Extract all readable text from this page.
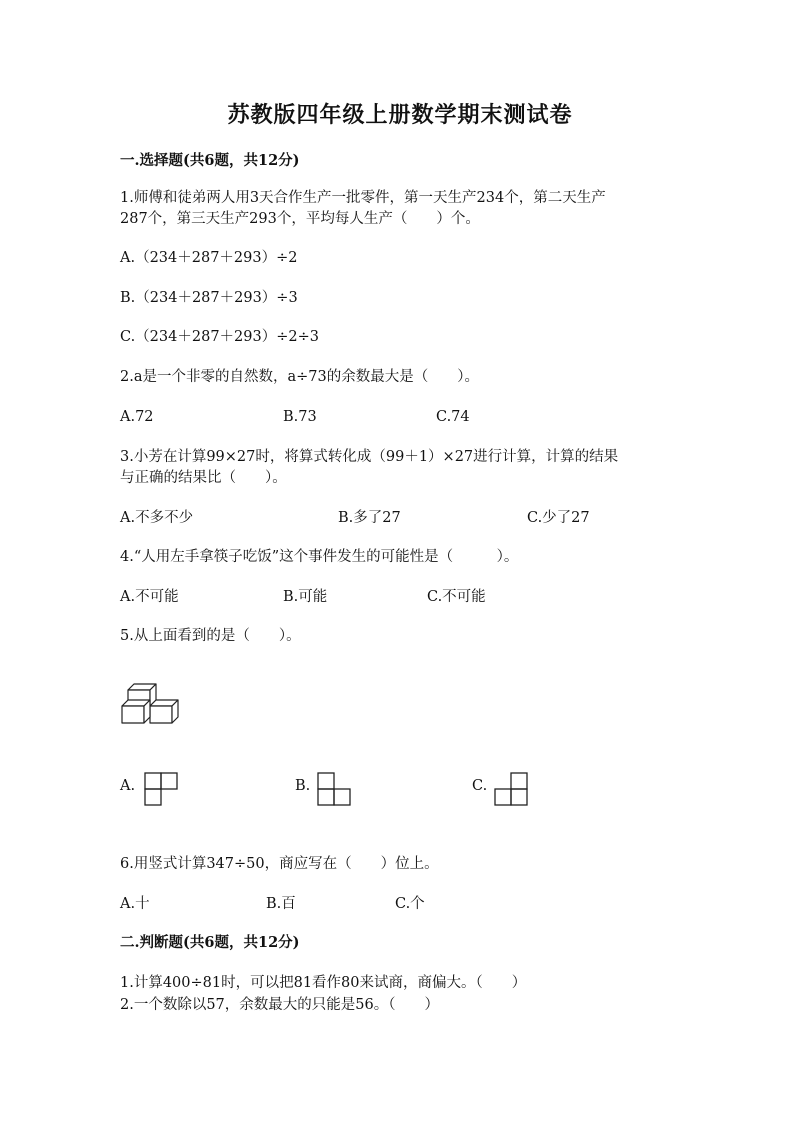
苏教版四年级上册数学期末测试卷
一.选择题(共6题，共12分)
1.师傅和徒弟两人用3天合作生产一批零件，第一天生产234个，第二天生产
287个，第三天生产293个，平均每人生产（　　）个。
A.（234＋287＋293）÷2
B.（234＋287＋293）÷3
C.（234＋287＋293）÷2÷3
2.a是一个非零的自然数，a÷73的余数最大是（　　）。
A.72	B.73	C.74
3.小芳在计算99×27时，将算式转化成（99＋1）×27进行计算，计算的结果
与正确的结果比（　　）。
A.不多不少	B.多了27	C.少了27
4.“人用左手拿筷子吃饭”这个事件发生的可能性是（　　　）。
A.不可能	B.可能	C.不可能
5.从上面看到的是（　　）。
A.	B.	C.
6.用竖式计算347÷50，商应写在（　　）位上。
A.十	B.百	C.个
二.判断题(共6题，共12分)
1.计算400÷81时，可以把81看作80来试商，商偏大。（　　）
2.一个数除以57，余数最大的只能是56。（　　）
